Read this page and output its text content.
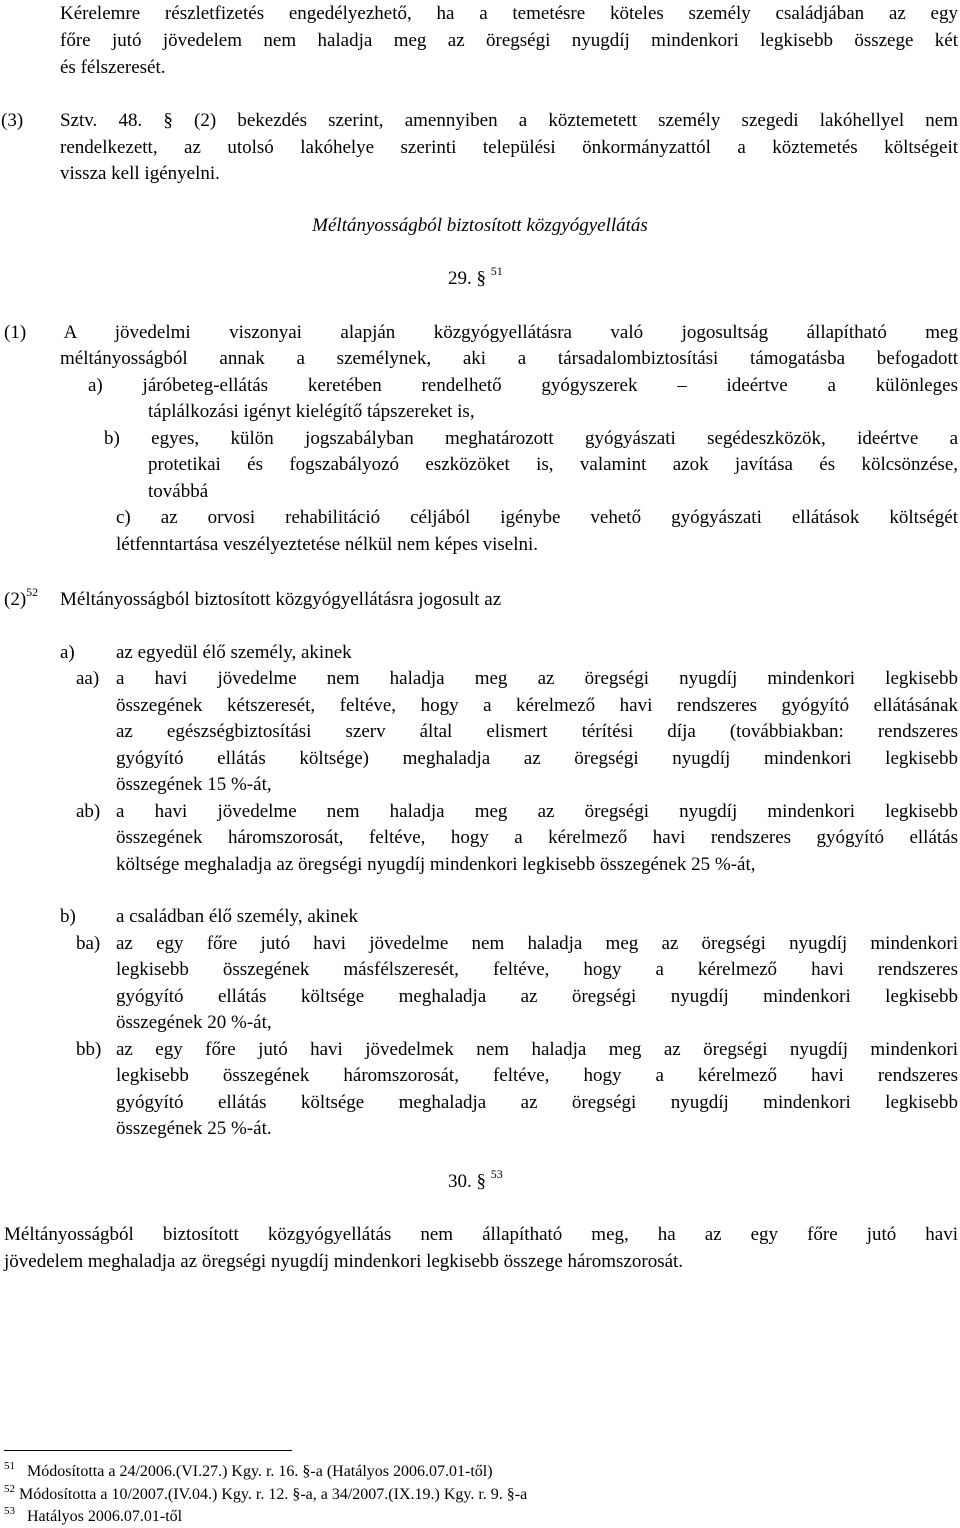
Kérelemre részletfizetés engedélyezhető, ha a temetésre köteles személy családjában az egy
főre jutó jövedelem nem haladja meg az öregségi nyugdíj mindenkori legkisebb összege két
és félszeresét.
(3) Sztv. 48. § (2) bekezdés szerint, amennyiben a köztemetett személy szegedi lakóhellyel nem
rendelkezett, az utolsó lakóhelye szerinti települési önkormányzattól a köztemetés költségeit
vissza kell igényelni.
Méltányosságból biztosított közgyógyellátás
29. § $^{51}$
(1) A jövedelmi viszonyai alapján közgyógyellátásra való jogosultság állapítható meg
méltányosságból annak a személynek, aki a társadalombiztosítási támogatásba befogadott
a) járóbeteg-ellátás keretében rendelhető gyógyszerek – ideértve a különleges
táplálkozási igényt kielégítő tápszereket is,
b) egyes, külön jogszabályban meghatározott gyógyászati segédeszközök, ideértve a
protetikai és fogszabályozó eszközöket is, valamint azok javítása és kölcsönzése,
továbbá
c) az orvosi rehabilitáció céljából igénybe vehető gyógyászati ellátások költségét
létfenntartása veszélyeztetése nélkül nem képes viselni.
$(2)^{52}$ Méltányosságból biztosított közgyógyellátásra jogosult az
a) az egyedül élő személy, akinek
aa) a havi jövedelme nem haladja meg az öregségi nyugdíj mindenkori legkisebb
összegének kétszeresét, feltéve, hogy a kérelmező havi rendszeres gyógyító ellátásának
az egészségbiztosítási szerv által elismert térítési díja (továbbiakban: rendszeres
gyógyító ellátás költsége) meghaladja az öregségi nyugdíj mindenkori legkisebb
összegének 15 %-át,
ab) a havi jövedelme nem haladja meg az öregségi nyugdíj mindenkori legkisebb
összegének háromszorosát, feltéve, hogy a kérelmező havi rendszeres gyógyító ellátás
költsége meghaladja az öregségi nyugdíj mindenkori legkisebb összegének 25 %-át,
b) a családban élő személy, akinek
ba) az egy főre jutó havi jövedelme nem haladja meg az öregségi nyugdíj mindenkori
legkisebb összegének másfélszeresét, feltéve, hogy a kérelmező havi rendszeres
gyógyító ellátás költsége meghaladja az öregségi nyugdíj mindenkori legkisebb
összegének 20 %-át,
bb) az egy főre jutó havi jövedelmek nem haladja meg az öregségi nyugdíj mindenkori
legkisebb összegének háromszorosát, feltéve, hogy a kérelmező havi rendszeres
gyógyító ellátás költsége meghaladja az öregségi nyugdíj mindenkori legkisebb
összegének 25 %-át.
30. § $^{53}$
Méltányosságból biztosított közgyógyellátás nem állapítható meg, ha az egy főre jutó havi
jövedelem meghaladja az öregségi nyugdíj mindenkori legkisebb összege háromszorosát.
$^{51}$ Módosította a 24/2006.(VI.27.) Kgy. r. 16. §-a (Hatályos 2006.07.01-től)
$^{52}$ Módosította a 10/2007.(IV.04.) Kgy. r. 12. §-a, a 34/2007.(IX.19.) Kgy. r. 9. §-a
$^{53}$ Hatályos 2006.07.01-től
